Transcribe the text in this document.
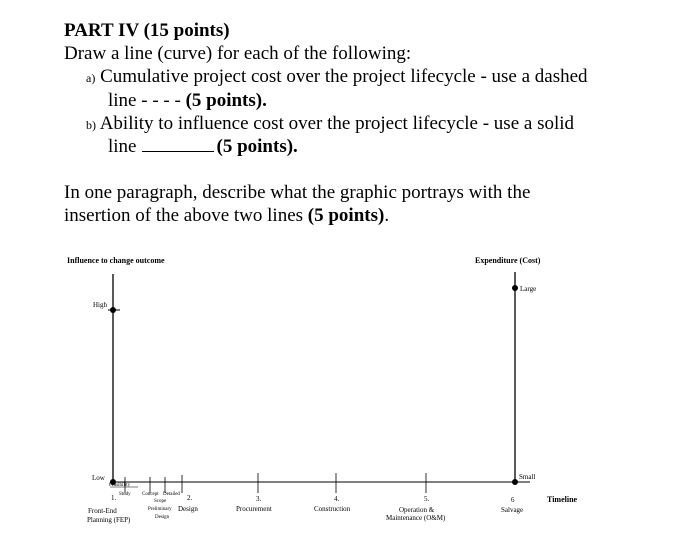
PART IV (15 points)
Draw a line (curve) for each of the following:
a) Cumulative project cost over the project lifecycle - use a dashed
line - - - - (5 points).
b) Ability to influence cost over the project lifecycle - use a solid
line	(5 points).
In one paragraph, describe what the graphic portrays with the
insertion of the above two lines (5 points).
Influence to change outcome	Expenditure (Cost)
High
Low
Large
Small
Timeline
Feasibility
Study Concept
Scope
Detailed
1.
Front-End
Planning (FEP)
2.
Preliminary
Design
Design
3.
Procurement
4.
Construction
5.
Operation &
Maintenance (O&M)
6
Salvage
